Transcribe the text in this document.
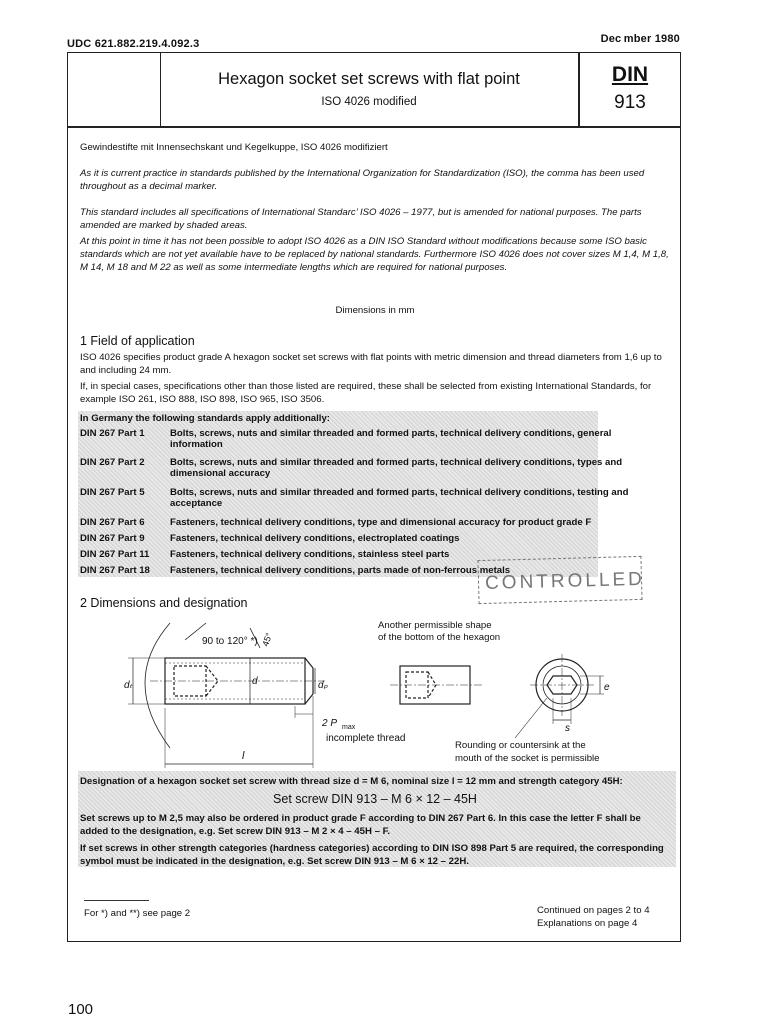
UDC 621.882.219.4.092.3	Dec mber 1980
Hexagon socket set screws with flat point
ISO 4026 modified
DIN
913
Gewindestifte mit Innensechskant und Kegelkuppe, ISO 4026 modifiziert
As it is current practice in standards published by the International Organization for Standardization (ISO), the comma has been used throughout as a decimal marker.
This standard includes all specifications of International Standarc’ ISO 4026 – 1977, but is amended for national purposes. The parts amended are marked by shaded areas.
At this point in time it has not been possible to adopt ISO 4026 as a DIN ISO Standard without modifications because some ISO basic standards which are not yet available have to be replaced by national standards. Furthermore ISO 4026 does not cover sizes M 1,4, M 1,8, M 14, M 18 and M 22 as well as some intermediate lengths which are required for national purposes.
Dimensions in mm
1 Field of application
ISO 4026 specifies product grade A hexagon socket set screws with flat points with metric dimension and thread diameters from 1,6 up to and including 24 mm.
If, in special cases, specifications other than those listed are required, these shall be selected from existing International Standards, for example ISO 261, ISO 888, ISO 898, ISO 965, ISO 3506.
In Germany the following standards apply additionally:
DIN 267 Part 1	Bolts, screws, nuts and similar threaded and formed parts, technical delivery conditions, general information
DIN 267 Part 2	Bolts, screws, nuts and similar threaded and formed parts, technical delivery conditions, types and dimensional accuracy
DIN 267 Part 5	Bolts, screws, nuts and similar threaded and formed parts, technical delivery conditions, testing and acceptance
DIN 267 Part 6	Fasteners, technical delivery conditions, type and dimensional accuracy for product grade F
DIN 267 Part 9	Fasteners, technical delivery conditions, electroplated coatings
DIN 267 Part 11	Fasteners, technical delivery conditions, stainless steel parts
DIN 267 Part 18	Fasteners, technical delivery conditions, parts made of non-ferrous metals
CONTROLLED
2 Dimensions and designation
90 to 120° *) 45°
dₜ	d	dₚ
2 P max
incomplete thread
l
Another permissible shape
of the bottom of the hexagon
e
s
Rounding or countersink at the
mouth of the socket is permissible
Designation of a hexagon socket set screw with thread size d = M 6, nominal size l = 12 mm and strength category 45H:
Set screw DIN 913 – M 6 × 12 – 45H
Set screws up to M 2,5 may also be ordered in product grade F according to DIN 267 Part 6. In this case the letter F shall be added to the designation, e.g. Set screw DIN 913 – M 2 × 4 – 45H – F.
If set screws in other strength categories (hardness categories) according to DIN ISO 898 Part 5 are required, the corresponding symbol must be indicated in the designation, e.g. Set screw DIN 913 – M 6 × 12 – 22H.
For *) and **) see page 2	Continued on pages 2 to 4
Explanations on page 4
100
